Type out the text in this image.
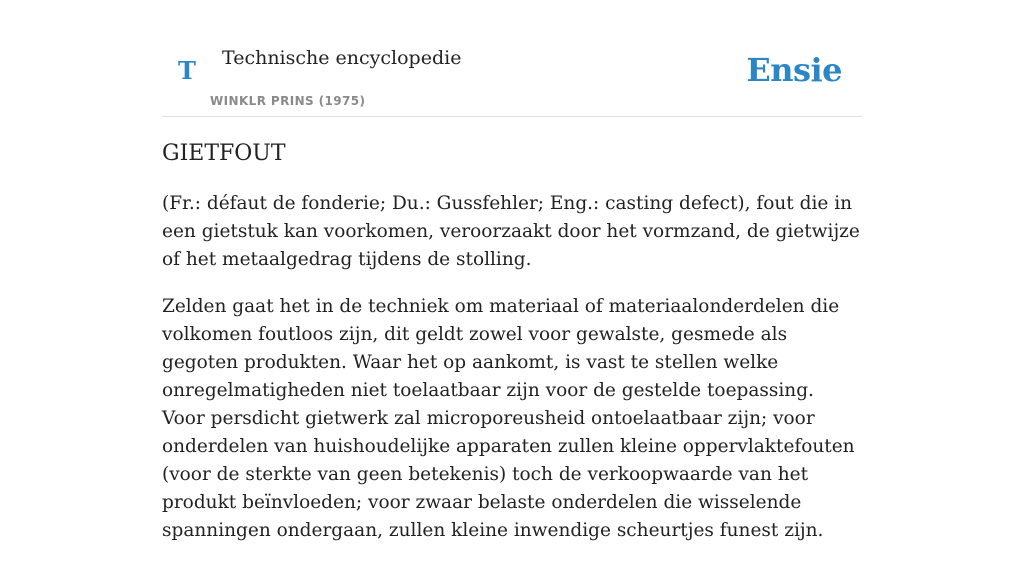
T Technische encyclopedie
WINKLR PRINS (1975)
Ensie
GIETFOUT

(Fr.: défaut de fonderie; Du.: Gussfehler; Eng.: casting defect), fout die in een gietstuk kan voorkomen, veroorzaakt door het vormzand, de gietwijze of het metaalgedrag tijdens de stolling.

Zelden gaat het in de techniek om materiaal of materiaalonderdelen die volkomen foutloos zijn, dit geldt zowel voor gewalste, gesmede als gegoten produkten. Waar het op aankomt, is vast te stellen welke onregelmatigheden niet toelaatbaar zijn voor de gestelde toepassing. Voor persdicht gietwerk zal microporeusheid ontoelaatbaar zijn; voor onderdelen van huishoudelijke apparaten zullen kleine oppervlaktefouten (voor de sterkte van geen betekenis) toch de verkoopwaarde van het produkt beïnvloeden; voor zwaar belaste onderdelen die wisselende spanningen ondergaan, zullen kleine inwendige scheurtjes funest zijn.
